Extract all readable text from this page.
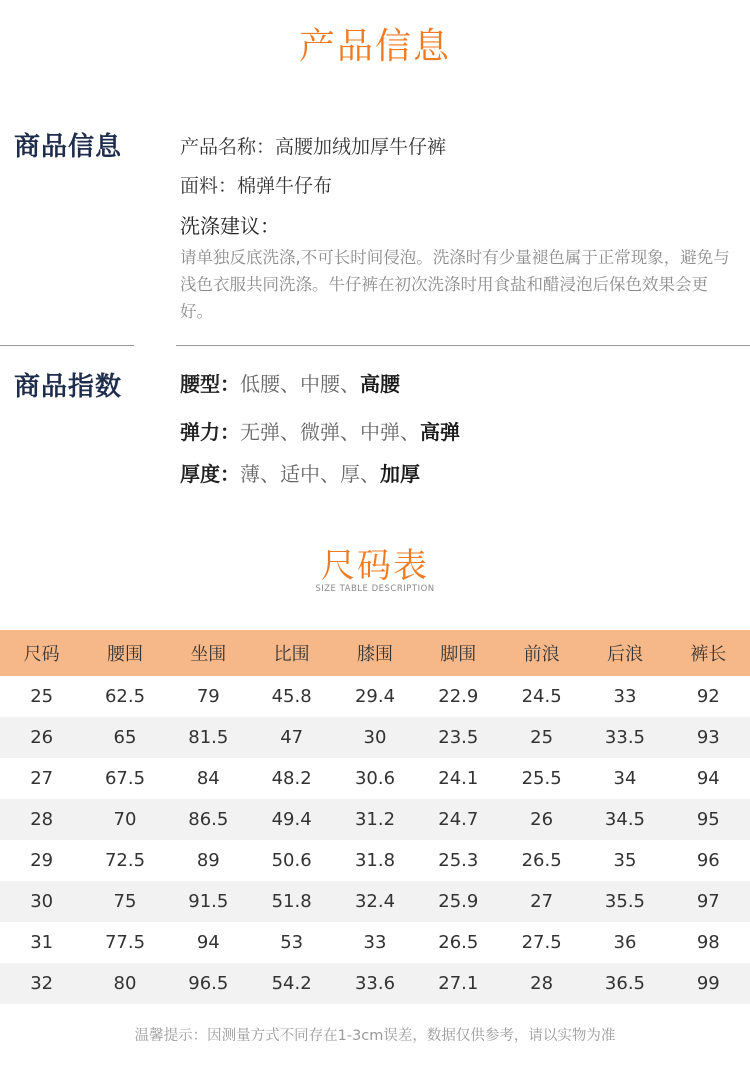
产品信息
商品信息	产品名称：高腰加绒加厚牛仔裤
面料：棉弹牛仔布
洗涤建议：
请单独反底洗涤,不可长时间侵泡。洗涤时有少量褪色属于正常现象，避免与浅色衣服共同洗涤。牛仔裤在初次洗涤时用食盐和醋浸泡后保色效果会更好。
商品指数	腰型：低腰、中腰、高腰
弹力：无弹、微弹、中弹、高弹
厚度：薄、适中、厚、加厚
尺码表
SIZE TABLE DESCRIPTION
尺码	腰围	坐围	比围	膝围	脚围	前浪	后浪	裤长
25	62.5	79	45.8	29.4	22.9	24.5	33	92
26	65	81.5	47	30	23.5	25	33.5	93
27	67.5	84	48.2	30.6	24.1	25.5	34	94
28	70	86.5	49.4	31.2	24.7	26	34.5	95
29	72.5	89	50.6	31.8	25.3	26.5	35	96
30	75	91.5	51.8	32.4	25.9	27	35.5	97
31	77.5	94	53	33	26.5	27.5	36	98
32	80	96.5	54.2	33.6	27.1	28	36.5	99
温馨提示：因测量方式不同存在1-3cm误差，数据仅供参考，请以实物为准
